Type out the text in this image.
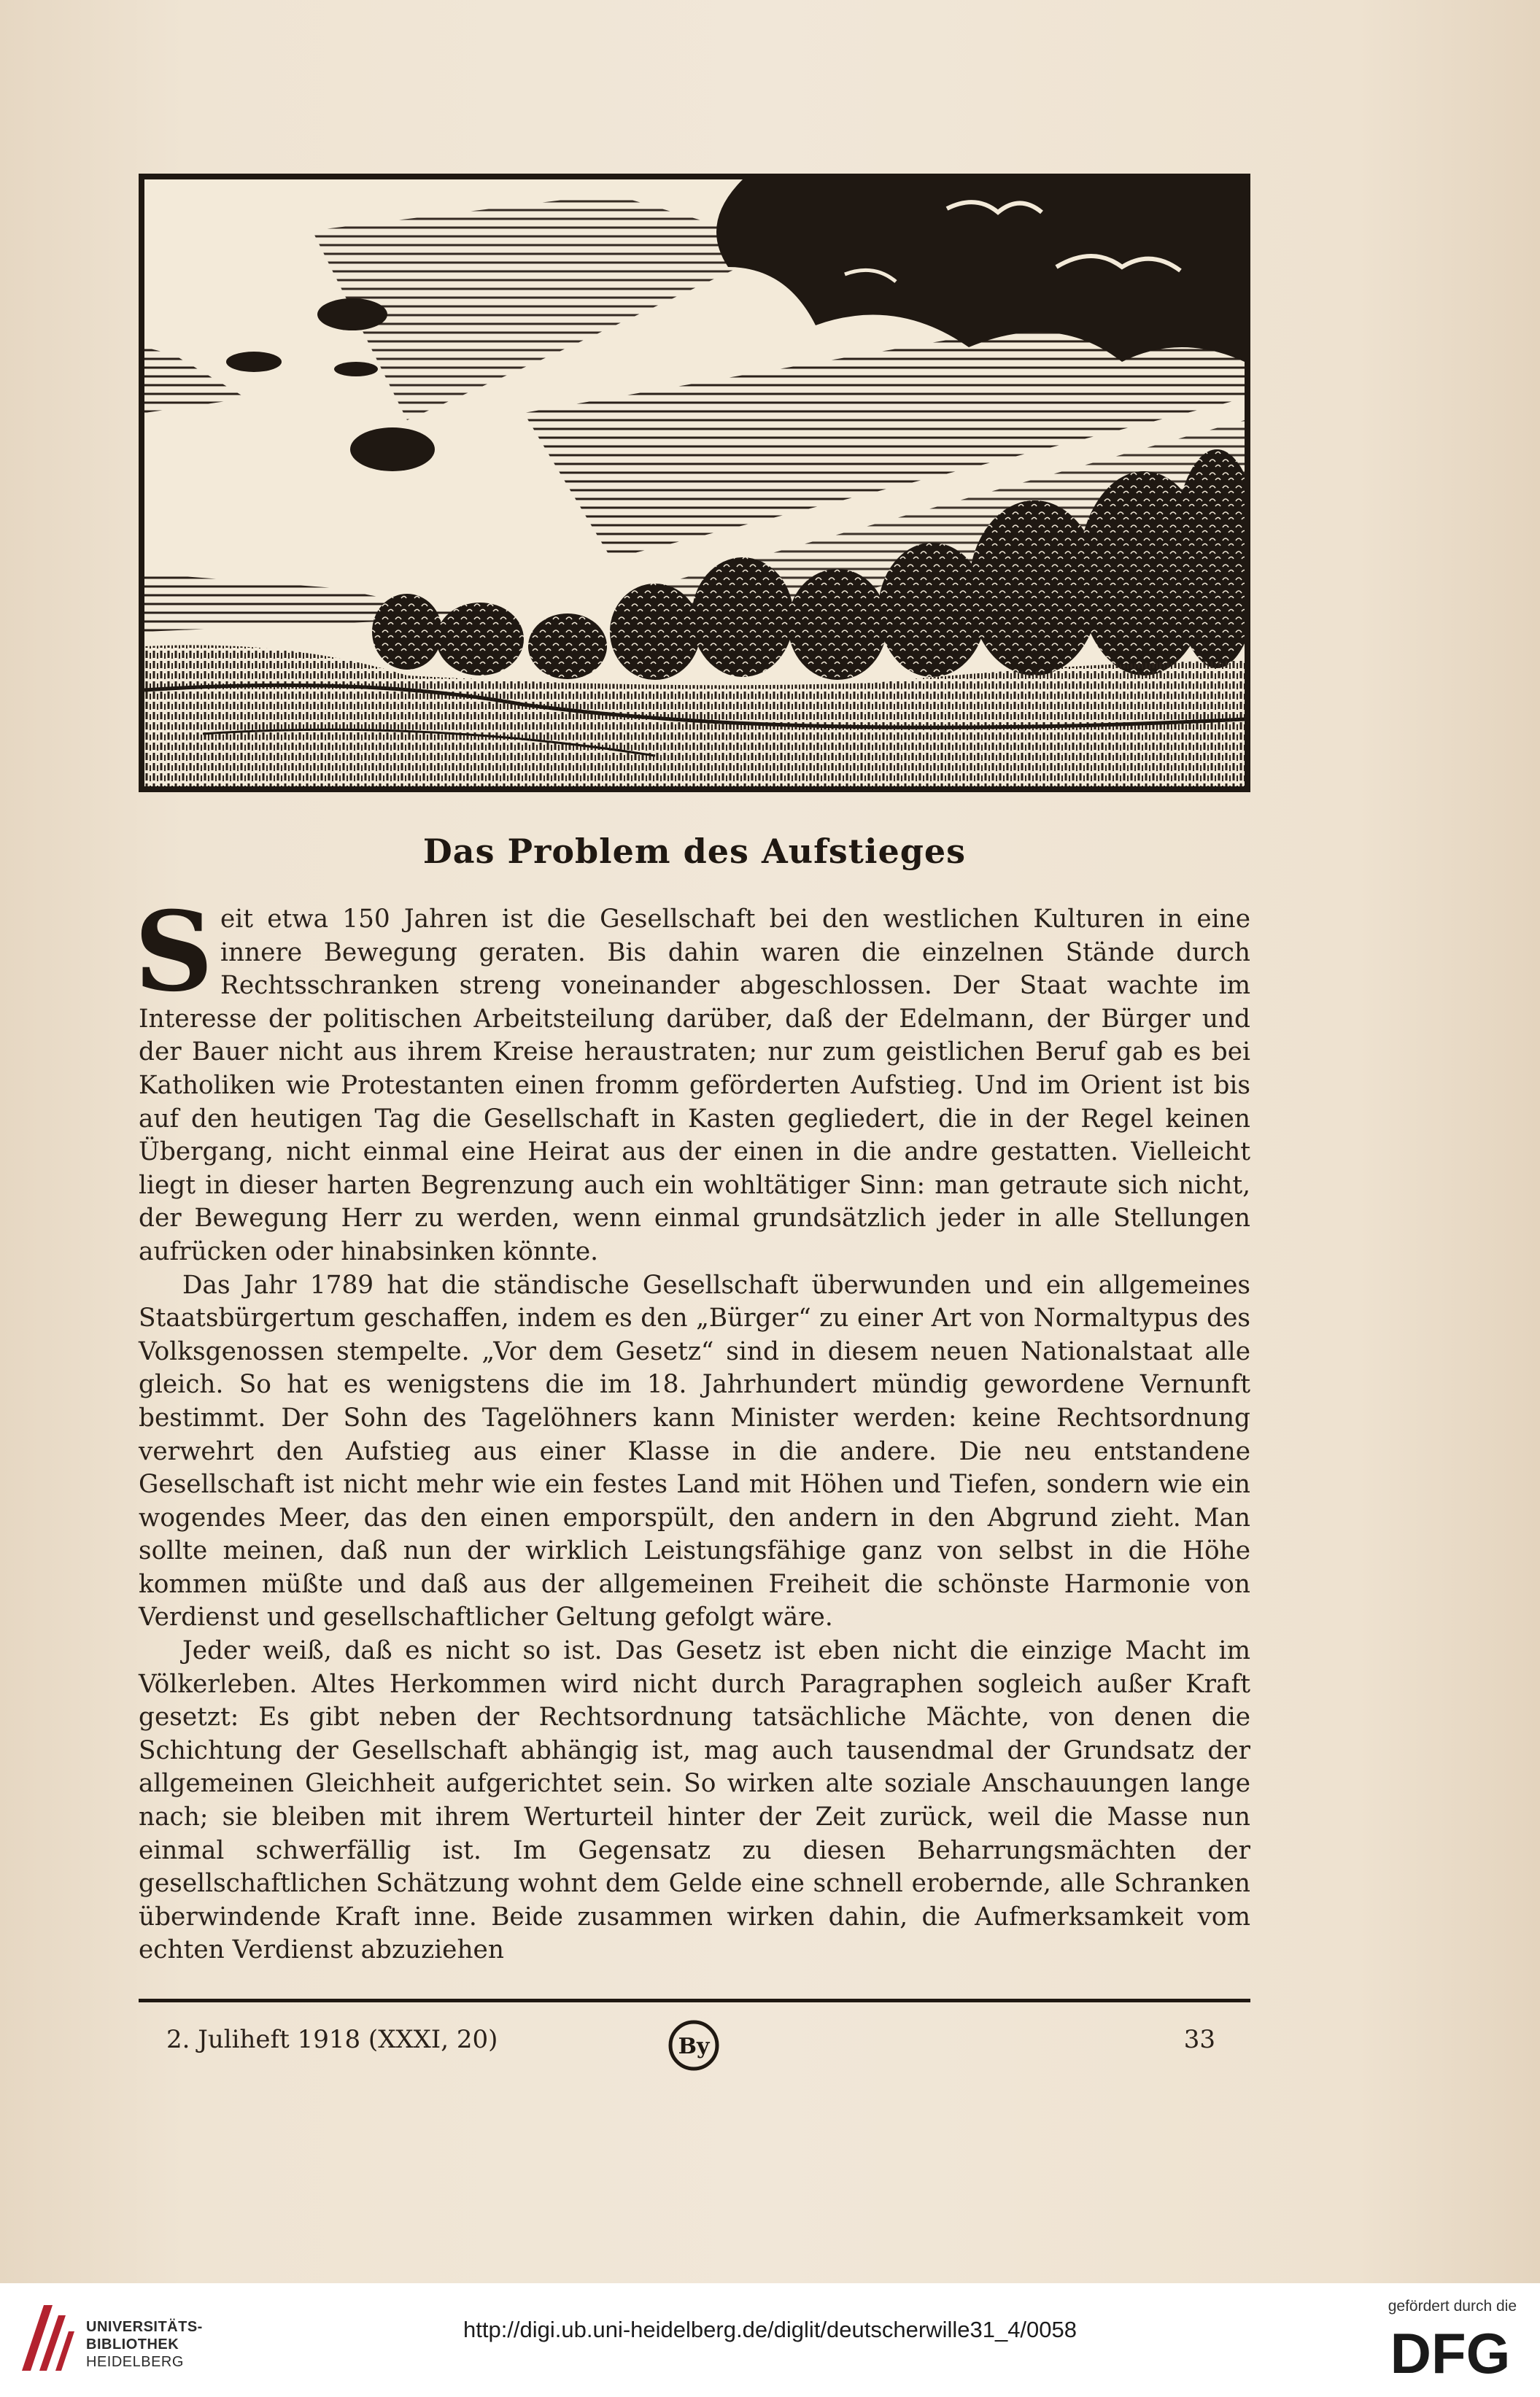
Das Problem des Aufstieges

Seit etwa 150 Jahren ist die Gesellschaft bei den westlichen Kulturen in eine innere Bewegung geraten. Bis dahin waren die einzelnen Stände durch Rechtsschranken streng voneinander abgeschlossen. Der Staat wachte im Interesse der politischen Arbeitsteilung darüber, daß der Edelmann, der Bürger und der Bauer nicht aus ihrem Kreise heraustraten; nur zum geistlichen Beruf gab es bei Katholiken wie Protestanten einen fromm geförderten Aufstieg. Und im Orient ist bis auf den heutigen Tag die Gesellschaft in Kasten gegliedert, die in der Regel keinen Übergang, nicht einmal eine Heirat aus der einen in die andre gestatten. Vielleicht liegt in dieser harten Begrenzung auch ein wohltätiger Sinn: man getraute sich nicht, der Bewegung Herr zu werden, wenn einmal grundsätzlich jeder in alle Stellungen aufrücken oder hinabsinken könnte.

Das Jahr 1789 hat die ständische Gesellschaft überwunden und ein allgemeines Staatsbürgertum geschaffen, indem es den „Bürger“ zu einer Art von Normaltypus des Volksgenossen stempelte. „Vor dem Gesetz“ sind in diesem neuen Nationalstaat alle gleich. So hat es wenigstens die im 18. Jahrhundert mündig gewordene Vernunft bestimmt. Der Sohn des Tagelöhners kann Minister werden: keine Rechtsordnung verwehrt den Aufstieg aus einer Klasse in die andere. Die neu entstandene Gesellschaft ist nicht mehr wie ein festes Land mit Höhen und Tiefen, sondern wie ein wogendes Meer, das den einen emporspült, den andern in den Abgrund zieht. Man sollte meinen, daß nun der wirklich Leistungsfähige ganz von selbst in die Höhe kommen müßte und daß aus der allgemeinen Freiheit die schönste Harmonie von Verdienst und gesellschaftlicher Geltung gefolgt wäre.

Jeder weiß, daß es nicht so ist. Das Gesetz ist eben nicht die einzige Macht im Völkerleben. Altes Herkommen wird nicht durch Paragraphen sogleich außer Kraft gesetzt: Es gibt neben der Rechtsordnung tatsächliche Mächte, von denen die Schichtung der Gesellschaft abhängig ist, mag auch tausendmal der Grundsatz der allgemeinen Gleichheit aufgerichtet sein. So wirken alte soziale Anschauungen lange nach; sie bleiben mit ihrem Werturteil hinter der Zeit zurück, weil die Masse nun einmal schwerfällig ist. Im Gegensatz zu diesen Beharrungsmächten der gesellschaftlichen Schätzung wohnt dem Gelde eine schnell erobernde, alle Schranken überwindende Kraft inne. Beide zusammen wirken dahin, die Aufmerksamkeit vom echten Verdienst abzuziehen

2. Juliheft 1918 (XXXI, 20)	By	33
UNIVERSITÄTS-
BIBLIOTHEK
HEIDELBERG
http://digi.ub.uni-heidelberg.de/diglit/deutscherwille31_4/0058
gefördert durch die
DFG
